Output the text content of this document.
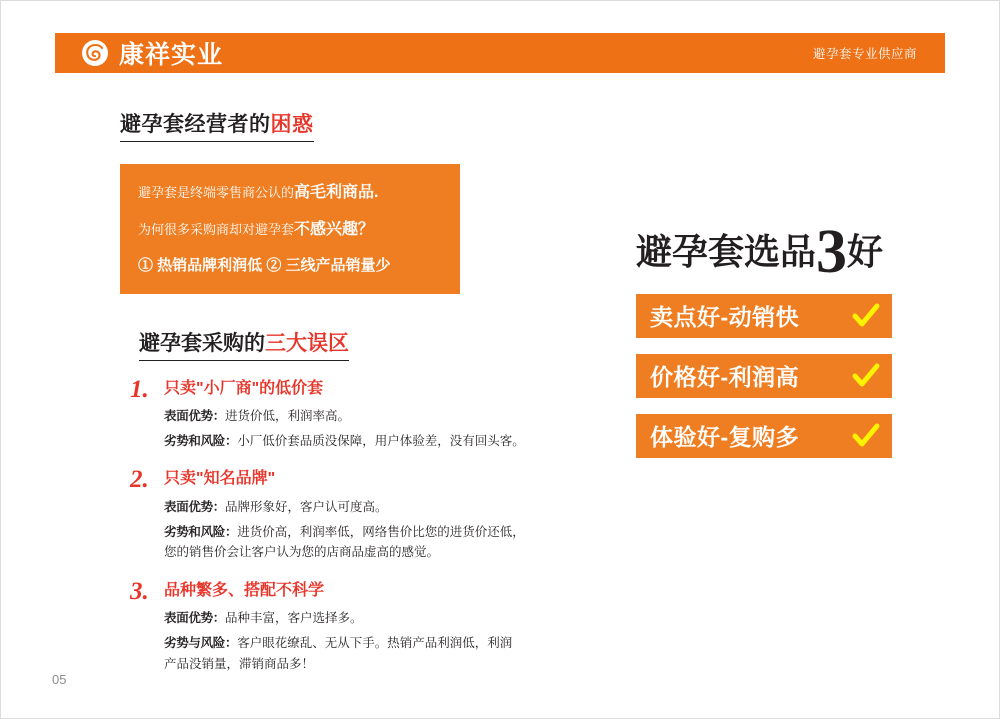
康祥实业	避孕套专业供应商
避孕套经营者的困惑
避孕套是终端零售商公认的高毛利商品.
为何很多采购商却对避孕套不感兴趣？
① 热销品牌利润低 ② 三线产品销量少
避孕套采购的三大误区
1. 只卖"小厂商"的低价套
表面优势：进货价低，利润率高。
劣势和风险：小厂低价套品质没保障，用户体验差，没有回头客。
2. 只卖"知名品牌"
表面优势：品牌形象好，客户认可度高。
劣势和风险：进货价高，利润率低，网络售价比您的进货价还低，
您的销售价会让客户认为您的店商品虚高的感觉。
3. 品种繁多、搭配不科学
表面优势：品种丰富，客户选择多。
劣势与风险：客户眼花缭乱、无从下手。热销产品利润低，利润
产品没销量，滞销商品多！
避孕套选品3好
卖点好-动销快
价格好-利润高
体验好-复购多
05
